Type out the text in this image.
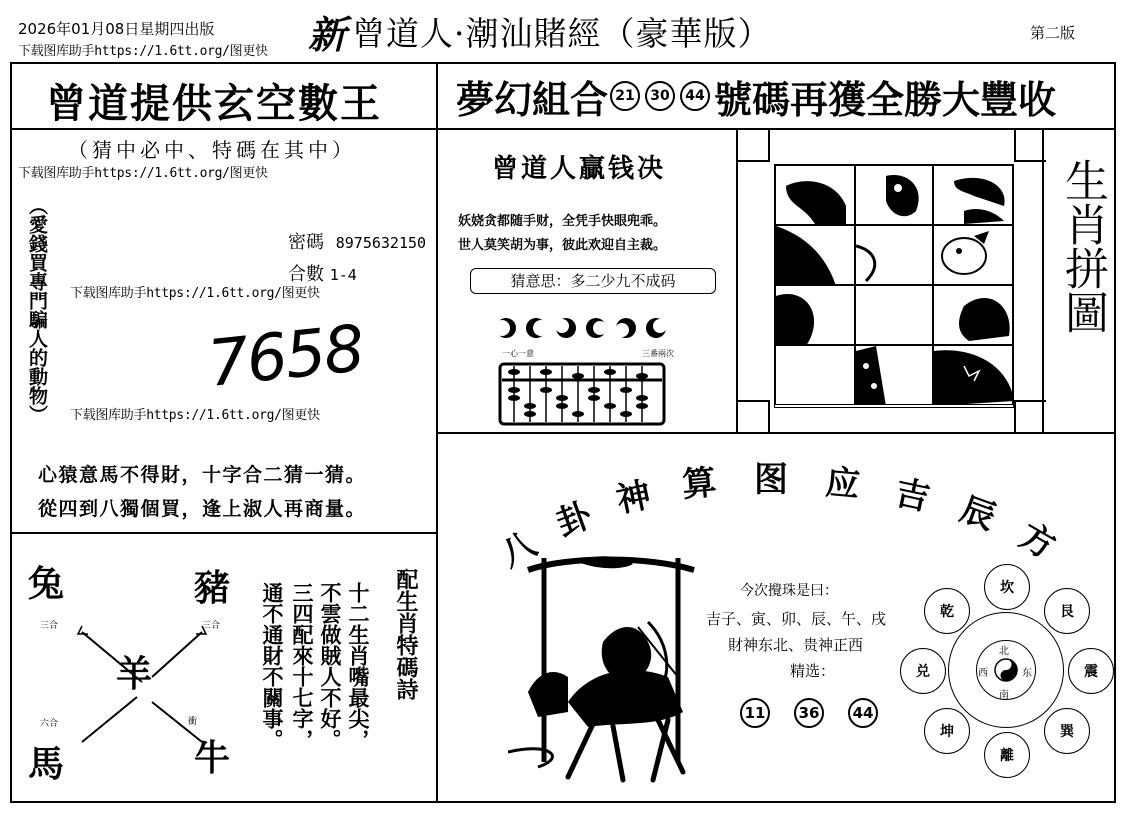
2026年01月08日星期四出版
下载图库助手https://1.6tt.org/图更快 新 曾道人·潮汕賭經（豪華版）	第二版
曾道提供玄空數王 夢幻組合 21	30	44 號碼再獲全勝大豐收
（猜中必中、特碼在其中）
下载图库助手https://1.6tt.org/图更快
（愛錢買專門騙人的動物）	密碼 8975632150
合數 1-4
下载图库助手https://1.6tt.org/图更快
7658
下载图库助手https://1.6tt.org/图更快
心猿意馬不得財，十字合二猜一猜。
從四到八獨個買，逢上淑人再商量。
兔	豬
羊
馬	牛
三合	三合
六合	衝	十二生肖嘴最尖，
不雲做賊人不好。
三四配來十七字，
通不通財不關事。	配生肖特碼詩
曾道人贏钱决
妖娆贪都随手财，全凭手快眼兜乖。
世人莫笑胡为事，彼此欢迎自主裁。
猜意思：多二少九不成码
一心一意	三番兩次
生肖拼圖
八
卦 神 算 图 应 吉 辰
方
今次攪珠是曰：
吉子、寅、卯、辰、午、戌
財神东北、贵神正西
精选：
11	36	44
坎
艮
震
巽
離
坤
兑
乾
北
东
南
西
